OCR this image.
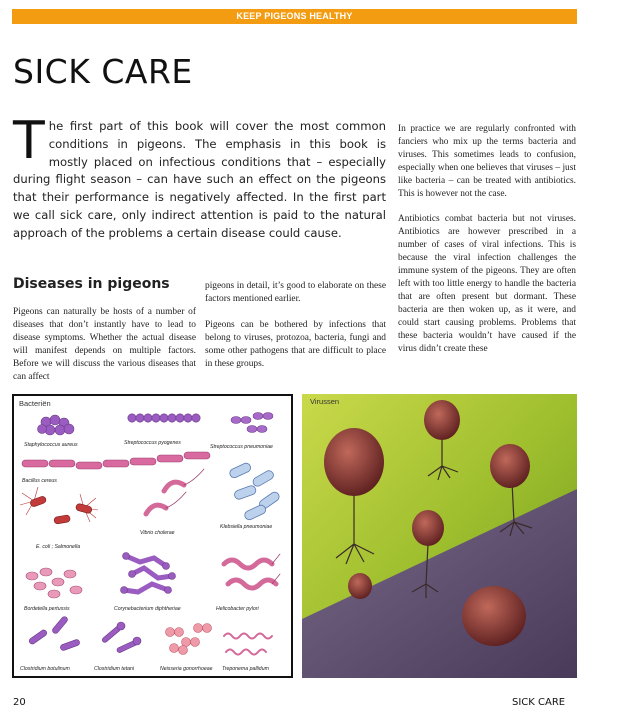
KEEP PIGEONS HEALTHY
SICK CARE

The first part of this book will cover the most common conditions in pigeons. The emphasis in this book is mostly placed on infectious conditions that – especially during flight season – can have such an effect on the pigeons that their performance is negatively affected. In the first part we call sick care, only indirect attention is paid to the natural approach of the problems a certain disease could cause.

Diseases in pigeons

Pigeons can naturally be hosts of a number of diseases that don’t instantly have to lead to disease symptoms. Whether the actual disease will manifest depends on multiple factors. Before we will discuss the various diseases that can affect

pigeons in detail, it’s good to elaborate on these factors mentioned earlier.

Pigeons can be bothered by infections that belong to viruses, protozoa, bacteria, fungi and some other pathogens that are difficult to place in these groups.

In practice we are regularly confronted with fanciers who mix up the terms bacteria and viruses. This sometimes leads to confusion, especially when one believes that viruses – just like bacteria – can be treated with antibiotics. This is however not the case.

Antibiotics combat bacteria but not viruses. Antibiotics are however prescribed in a number of cases of viral infections. This is because the viral infection challenges the immune system of the pigeons. They are often left with too little energy to handle the bacteria that are often present but dormant. These bacteria are then woken up, as it were, and could start causing problems. Problems that these bacteria wouldn’t have caused if the virus didn’t create these

Bacteriën
Staphylococcus aureus	Streptococcus pyogenes
Streptococcus pneumoniae
Bacillus cereus
Klebsiella pneumoniae
E. coli ; Salmonella
Vibrio cholerae
Bordetella pertussis	Corynebacterium diphtheriae	Helicobacter pylori
Clostridium botulinum	Clostridium tetani	Neisseria gonorrhoeae Treponema pallidum
Virussen
20	SICK CARE
